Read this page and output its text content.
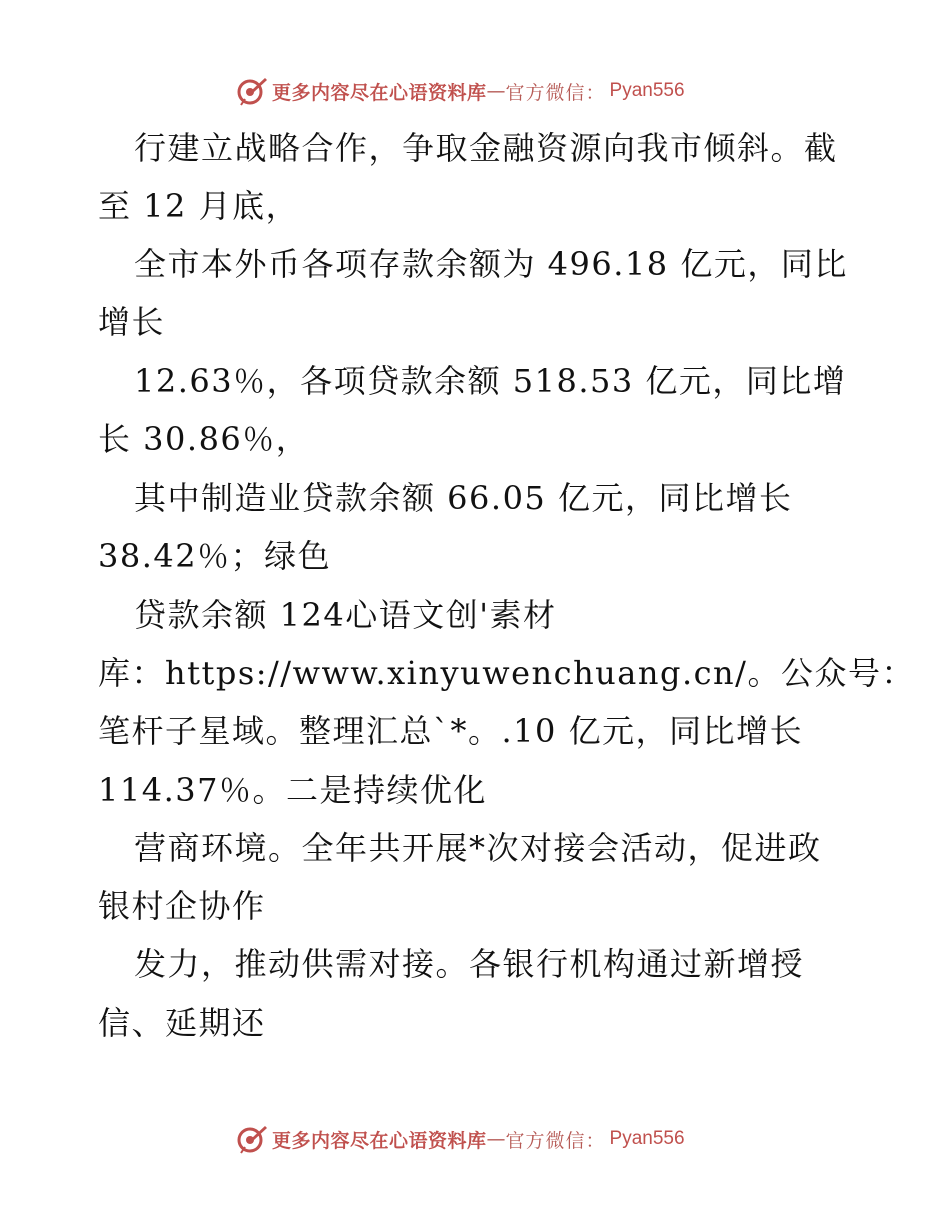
更多内容尽在心语资料库 — 官方微信： Pyan556
行建立战略合作，争取金融资源向我市倾斜。截
至 12 月底，
全市本外币各项存款余额为 496.18 亿元，同比
增长
12.63％，各项贷款余额 518.53 亿元，同比增
长 30.86％，
其中制造业贷款余额 66.05 亿元，同比增长
38.42％；绿色
贷款余额 124心语文创'素材
库：https://www.xinyuwenchuang.cn/。公众号：
笔杆子星域。整理汇总`*。.10 亿元，同比增长
114.37％。二是持续优化
营商环境。全年共开展*次对接会活动，促进政
银村企协作
发力，推动供需对接。各银行机构通过新增授
信、延期还
更多内容尽在心语资料库 — 官方微信： Pyan556
